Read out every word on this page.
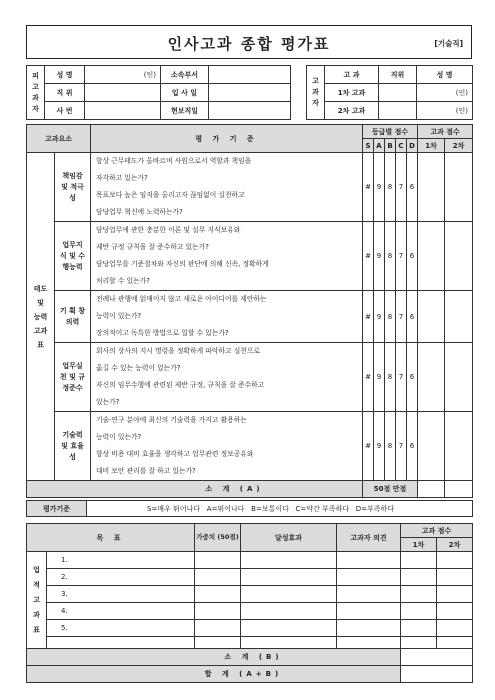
인사고과 종합 평가표	[기술직]
피고과자	성 명	(인)	소속부서			고과자	고 과	직위	성 명
	직 위		입 사 일				1차 고과		(인)
	사 번		현보직일				2차 고과		(인)
고과요소		평 가 기 준	등급별 점수					고과 점수	
			S	A	B	C	D	1차	2차
태도 및 능력 고과표	책임감 및 적극성	항상 근무태도가 올바르며 사원으로서 역할과 책임을
자각하고 있는가?
목표보다 높은 임직을 올리고자 끊임없이 실천하고
담당업무 혁신에 노력하는가?	#	9	8	7	6		
	업무지식 및 수행능력	담당업무에 관한 충분한 이론 및 실무 지식보유와
제반 규정 규칙을 잘 준수하고 있는가?
담당업무를 기준절차와 자신의 판단에 의해 신속, 정확하게
처리할 수 있는가?	#	9	8	7	6		
	기 획 창의력	전례나 관행에 얽매이지 않고 새로운 아이디어를 제안하는
능력이 있는가?
장의적이고 독특한 방법으로 일할 수 있는가?	#	9	8	7	6		
	업무실천 및 규정준수	회사의 상사의 지시 명령을 정확하게 파악하고 실천으로
옮길 수 있는 능력이 있는가?
자신의 임무수행에 관련된 제반 규정, 규칙을 잘 준수하고
있는가?	#	9	8	7	6		
	기술력 및 효율성	기술·연구 분야에 최신의 기술력을 가지고 활용하는
능력이 있는가?
항상 비용 대비 효율을 생각하고 업무관련 정보공유와
대비 보안 관리를 잘 하고 있는가?	#	9	8	7	6		
소 계 (A)			50점 만점						
평가기준	S=매우 뛰어나다   A=뛰어나다   B=보통이다   C=약간 부족하다   D=부족하다
목 표		가중치 (50점)	달성효과	고과자 의견	고과 점수	
					1차	2차
업적고과표	1.					
	2.					
	3.					
	4.					
	5.					

소 계 (B)						
합 계 (A+B)						
